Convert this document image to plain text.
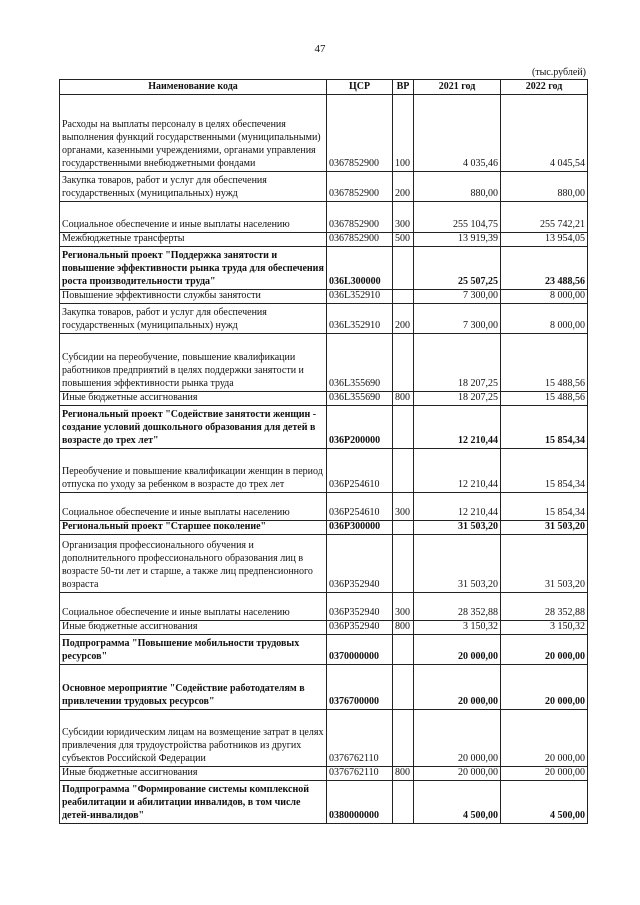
47
(тыс.рублей)
Наименование кода	ЦСР	ВР	2021 год	2022 год
Расходы на выплаты персоналу в целях обеспечения выполнения функций государственными (муниципальными) органами, казенными учреждениями, органами управления государственными внебюджетными фондами	0367852900	100	4 035,46	4 045,54
Закупка товаров, работ и услуг для обеспечения государственных (муниципальных) нужд	0367852900	200	880,00	880,00
Социальное обеспечение и иные выплаты населению	0367852900	300	255 104,75	255 742,21
Межбюджетные трансферты	0367852900	500	13 919,39	13 954,05
Региональный проект "Поддержка занятости и повышение эффективности рынка труда для обеспечения роста производительности труда"	036L300000		25 507,25	23 488,56
Повышение эффективности службы занятости	036L352910		7 300,00	8 000,00
Закупка товаров, работ и услуг для обеспечения государственных (муниципальных) нужд	036L352910	200	7 300,00	8 000,00
Субсидии на переобучение, повышение квалификации работников предприятий в целях поддержки занятости и повышения эффективности рынка труда	036L355690		18 207,25	15 488,56
Иные бюджетные ассигнования	036L355690	800	18 207,25	15 488,56
Региональный проект "Содействие занятости женщин - создание условий дошкольного образования для детей в возрасте до трех лет"	036P200000		12 210,44	15 854,34
Переобучение и повышение квалификации женщин в период отпуска по уходу за ребенком в возрасте до трех лет	036P254610		12 210,44	15 854,34
Социальное обеспечение и иные выплаты населению	036P254610	300	12 210,44	15 854,34
Региональный проект "Старшее поколение"	036P300000		31 503,20	31 503,20
Организация профессионального обучения и дополнительного профессионального образования лиц в возрасте 50-ти лет и старше, а также лиц предпенсионного возраста	036P352940		31 503,20	31 503,20
Социальное обеспечение и иные выплаты населению	036P352940	300	28 352,88	28 352,88
Иные бюджетные ассигнования	036P352940	800	3 150,32	3 150,32
Подпрограмма "Повышение мобильности трудовых ресурсов"	0370000000		20 000,00	20 000,00
Основное мероприятие "Содействие работодателям в привлечении трудовых ресурсов"	0376700000		20 000,00	20 000,00
Субсидии юридическим лицам на возмещение затрат в целях привлечения для трудоустройства работников из других субъектов Российской Федерации	0376762110		20 000,00	20 000,00
Иные бюджетные ассигнования	0376762110	800	20 000,00	20 000,00
Подпрограмма "Формирование системы комплексной реабилитации и абилитации инвалидов, в том числе детей-инвалидов"	0380000000		4 500,00	4 500,00
